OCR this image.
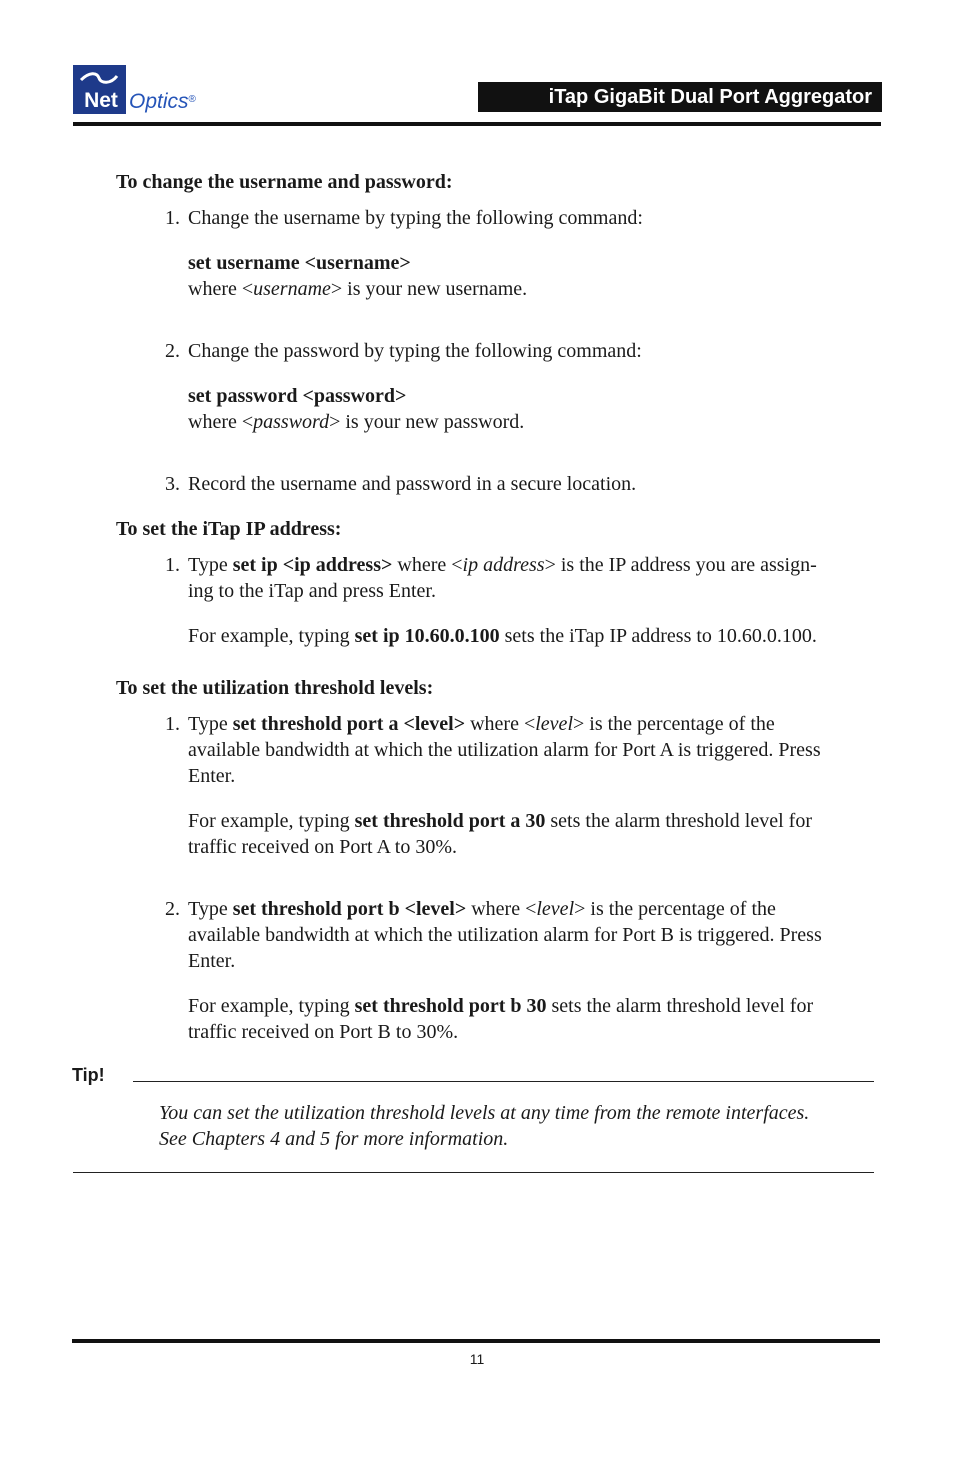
Net Optics®	iTap GigaBit Dual Port Aggregator
To change the username and password:
1. Change the username by typing the following command:
set username <username>
where <username> is your new username.
2. Change the password by typing the following command:
set password <password>
where <password> is your new password.
3. Record the username and password in a secure location.
To set the iTap IP address:
1. Type set ip <ip address> where <ip address> is the IP address you are assign-
ing to the iTap and press Enter.
For example, typing set ip 10.60.0.100 sets the iTap IP address to 10.60.0.100.
To set the utilization threshold levels:
1. Type set threshold port a <level> where <level> is the percentage of the
available bandwidth at which the utilization alarm for Port A is triggered. Press
Enter.
For example, typing set threshold port a 30 sets the alarm threshold level for
traffic received on Port A to 30%.
2. Type set threshold port b <level> where <level> is the percentage of the
available bandwidth at which the utilization alarm for Port B is triggered. Press
Enter.
For example, typing set threshold port b 30 sets the alarm threshold level for
traffic received on Port B to 30%.
Tip!
You can set the utilization threshold levels at any time from the remote interfaces.
See Chapters 4 and 5 for more information.
11
